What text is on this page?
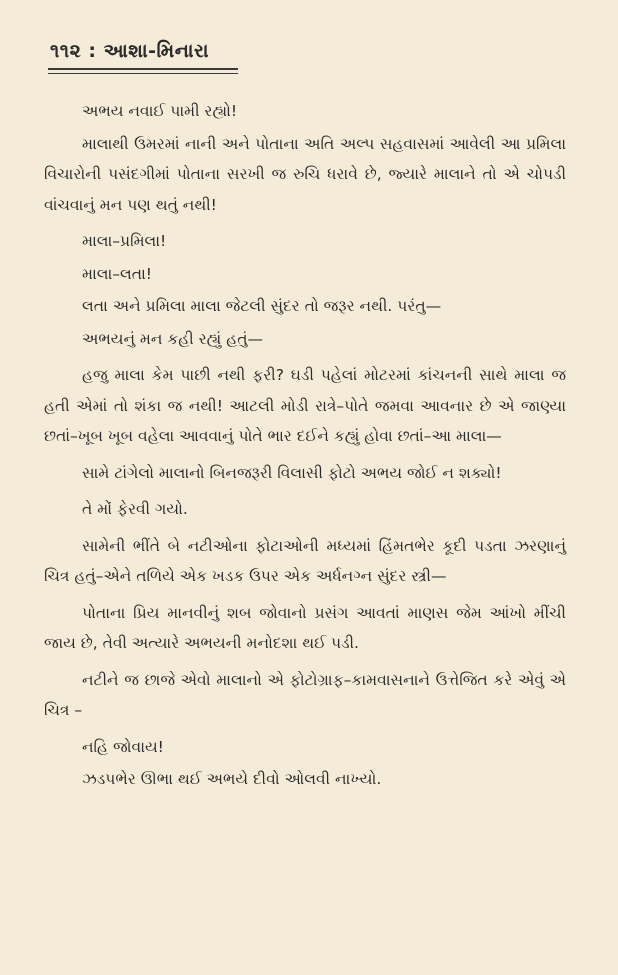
૧૧૨ : આશા-મિનારા

અભય નવાઈ પામી રહ્યો!

માલાથી ઉમરમાં નાની અને પોતાના અતિ અલ્પ સહવાસમાં આવેલી આ પ્રમિલા વિચારોની પસંદગીમાં પોતાના સરખી જ રુચિ ધરાવે છે, જ્યારે માલાને તો એ ચોપડી વાંચવાનું મન પણ થતું નથી!

માલા–પ્રમિલા!

માલા–લતા!

લતા અને પ્રમિલા માલા જેટલી સુંદર તો જરૂર નથી. પરંતુ—

અભયનું મન કહી રહ્યું હતું—

હજુ માલા કેમ પાછી નથી ફરી? ઘડી પહેલાં મોટરમાં કાંચનની સાથે માલા જ હતી એમાં તો શંકા જ નથી! આટલી મોડી રાત્રે–પોતે જમવા આવનાર છે એ જાણ્યા છતાં–ખૂબ ખૂબ વહેલા આવવાનું પોતે ભાર દઈને કહ્યું હોવા છતાં–આ માલા—

સામે ટાંગેલો માલાનો બિનજરૂરી વિલાસી ફોટો અભય જોઈ ન શક્યો!

તે મોં ફેરવી ગયો.

સામેની ભીંતે બે નટીઓના ફોટાઓની મધ્યમાં હિંમતભેર કૂદી પડતા ઝરણાનું ચિત્ર હતું–એને તળિયે એક ખડક ઉપર એક અર્ધનગ્ન સુંદર સ્ત્રી—

પોતાના પ્રિય માનવીનું શબ જોવાનો પ્રસંગ આવતાં માણસ જેમ આંખો મીંચી જાય છે, તેવી અત્યારે અભયની મનોદશા થઈ પડી.

નટીને જ છાજે એવો માલાનો એ ફોટોગ્રાફ–કામવાસનાને ઉત્તેજિત કરે એવું એ ચિત્ર –

નહિ જોવાય!

ઝડપભેર ઊભા થઈ અભયે દીવો ઓલવી નાખ્યો.
